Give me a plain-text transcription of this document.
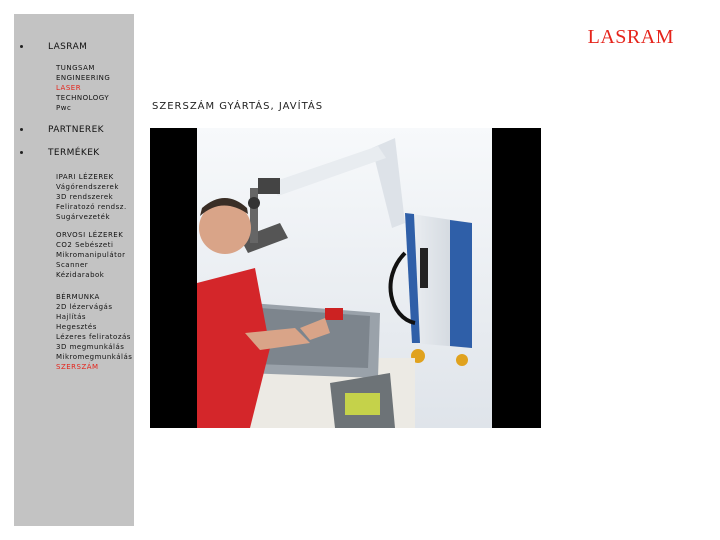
LASRAM
TUNGSAM
ENGINEERING
LASER
TECHNOLOGY
Pwc
PARTNEREK
TERMÉKEK
IPARI LÉZEREK
Vágórendszerek
3D rendszerek
Feliratozó rendsz.
Sugárvezeték
ORVOSI LÉZEREK
CO2 Sebészeti
Mikromanipulátor
Scanner
Kézidarabok
BÉRMUNKA
2D lézervágás
Hajlítás
Hegesztés
Lézeres feliratozás
3D megmunkálás
Mikromegmunkálás
SZERSZÁM
LASRAM
SZERSZÁM GYÁRTÁS, JAVÍTÁS
